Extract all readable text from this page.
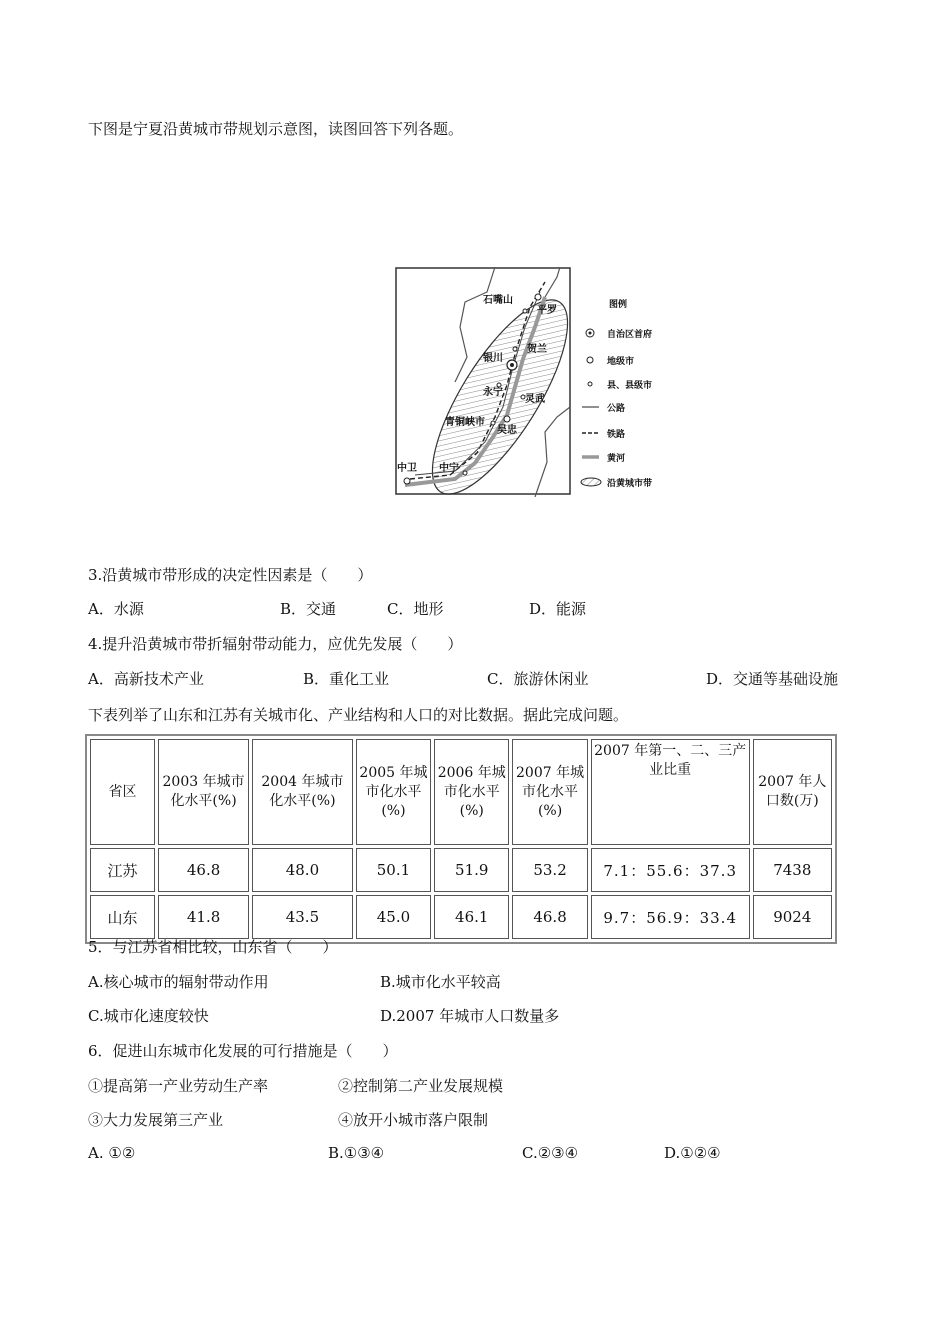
下图是宁夏沿黄城市带规划示意图，读图回答下列各题。
石嘴山
平罗
银川
贺兰
永宁
灵武
青铜峡市
吴忠
中卫 中宁
图例
自治区首府
地级市
县、县级市
公路
铁路
黄河
沿黄城市带
3.沿黄城市带形成的决定性因素是（　　）
A．水源	B．交通	C．地形	D．能源
4.提升沿黄城市带折辐射带动能力，应优先发展（　　）
A．高新技术产业	B．重化工业	C．旅游休闲业	D．交通等基础设施
下表列举了山东和江苏有关城市化、产业结构和人口的对比数据。据此完成问题。
省区	2003 年城市化水平(%)	2004 年城市化水平(%)	2005 年城市化水平(%)	2006 年城市化水平(%)	2007 年城市化水平(%)	2007 年第一、二、三产业比重	2007 年人口数(万)
江苏	46.8	48.0	50.1	51.9	53.2	7.1：55.6：37.3	7438
山东	41.8	43.5	45.0	46.1	46.8	9.7：56.9：33.4	9024
5．与江苏省相比较，山东省（　　）
A.核心城市的辐射带动作用	B.城市化水平较高
C.城市化速度较快	D.2007 年城市人口数量多
6．促进山东城市化发展的可行措施是（　　）
①提高第一产业劳动生产率	②控制第二产业发展规模
③大力发展第三产业	④放开小城市落户限制
A. ①②	B.①③④	C.②③④	D.①②④
